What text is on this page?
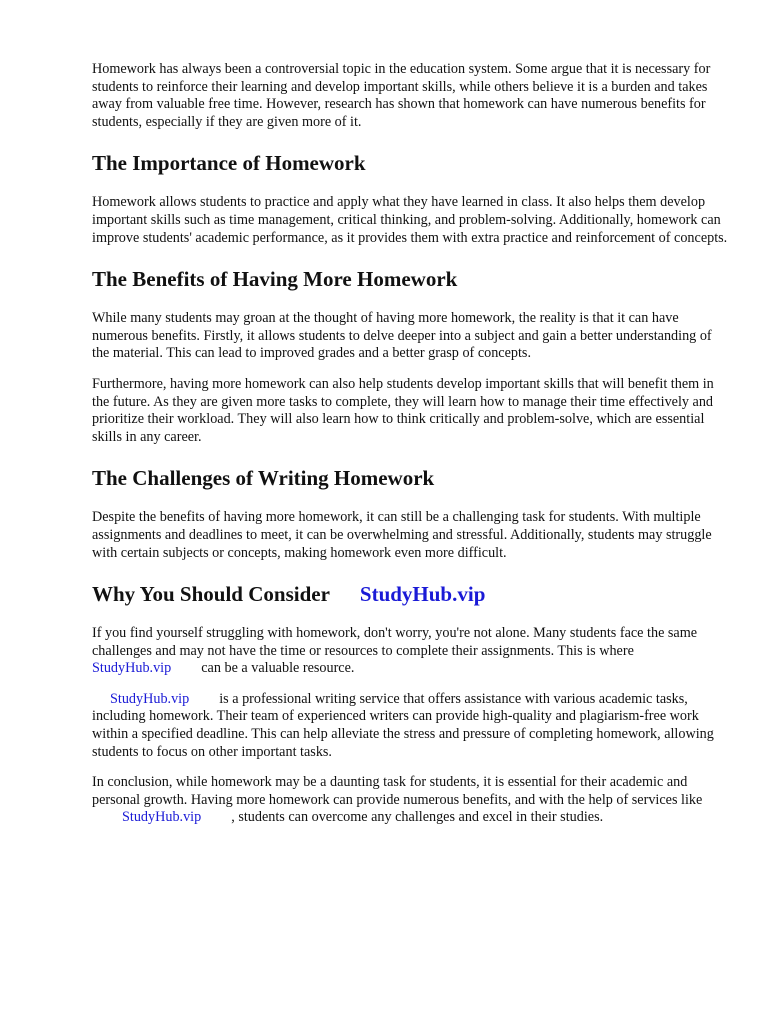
Homework has always been a controversial topic in the education system. Some argue that it is necessary for students to reinforce their learning and develop important skills, while others believe it is a burden and takes away from valuable free time. However, research has shown that homework can have numerous benefits for students, especially if they are given more of it.

The Importance of Homework

Homework allows students to practice and apply what they have learned in class. It also helps them develop important skills such as time management, critical thinking, and problem-solving. Additionally, homework can improve students' academic performance, as it provides them with extra practice and reinforcement of concepts.

The Benefits of Having More Homework

While many students may groan at the thought of having more homework, the reality is that it can have numerous benefits. Firstly, it allows students to delve deeper into a subject and gain a better understanding of the material. This can lead to improved grades and a better grasp of concepts.

Furthermore, having more homework can also help students develop important skills that will benefit them in the future. As they are given more tasks to complete, they will learn how to manage their time effectively and prioritize their workload. They will also learn how to think critically and problem-solve, which are essential skills in any career.

The Challenges of Writing Homework

Despite the benefits of having more homework, it can still be a challenging task for students. With multiple assignments and deadlines to meet, it can be overwhelming and stressful. Additionally, students may struggle with certain subjects or concepts, making homework even more difficult.

Why You Should Consider StudyHub.vip

If you find yourself struggling with homework, don't worry, you're not alone. Many students face the same challenges and may not have the time or resources to complete their assignments. This is whereStudyHub.vip can be a valuable resource.

StudyHub.vip is a professional writing service that offers assistance with various academic tasks, including homework. Their team of experienced writers can provide high-quality and plagiarism-free work within a specified deadline. This can help alleviate the stress and pressure of completing homework, allowing students to focus on other important tasks.

In conclusion, while homework may be a daunting task for students, it is essential for their academic and personal growth. Having more homework can provide numerous benefits, and with the help of services likeStudyHub.vip , students can overcome any challenges and excel in their studies.
